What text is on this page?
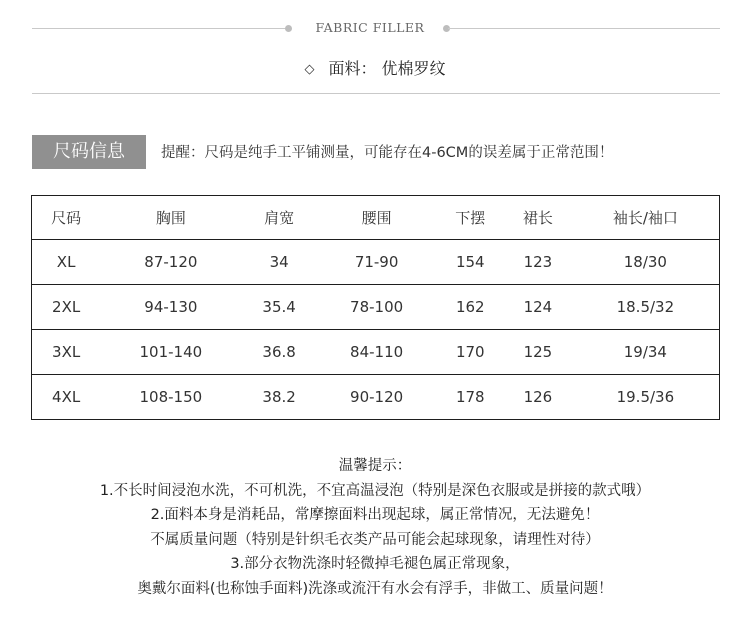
FABRIC FILLER
◇ 面料： 优棉罗纹
尺码信息	提醒：尺码是纯手工平铺测量，可能存在4-6CM的误差属于正常范围！
尺码	胸围	肩宽	腰围	下摆	裙长	袖长/袖口
XL	87-120	34	71-90	154	123	18/30
2XL	94-130	35.4	78-100	162	124	18.5/32
3XL	101-140	36.8	84-110	170	125	19/34
4XL	108-150	38.2	90-120	178	126	19.5/36
温馨提示：
1.不长时间浸泡水洗，不可机洗，不宜高温浸泡（特别是深色衣服或是拼接的款式哦）
2.面料本身是消耗品，常摩擦面料出现起球，属正常情况，无法避免！
不属质量问题（特别是针织毛衣类产品可能会起球现象，请理性对待）
3.部分衣物洗涤时轻微掉毛褪色属正常现象，
奥戴尔面料(也称蚀手面料)洗涤或流汗有水会有浮手，非做工、质量问题！
